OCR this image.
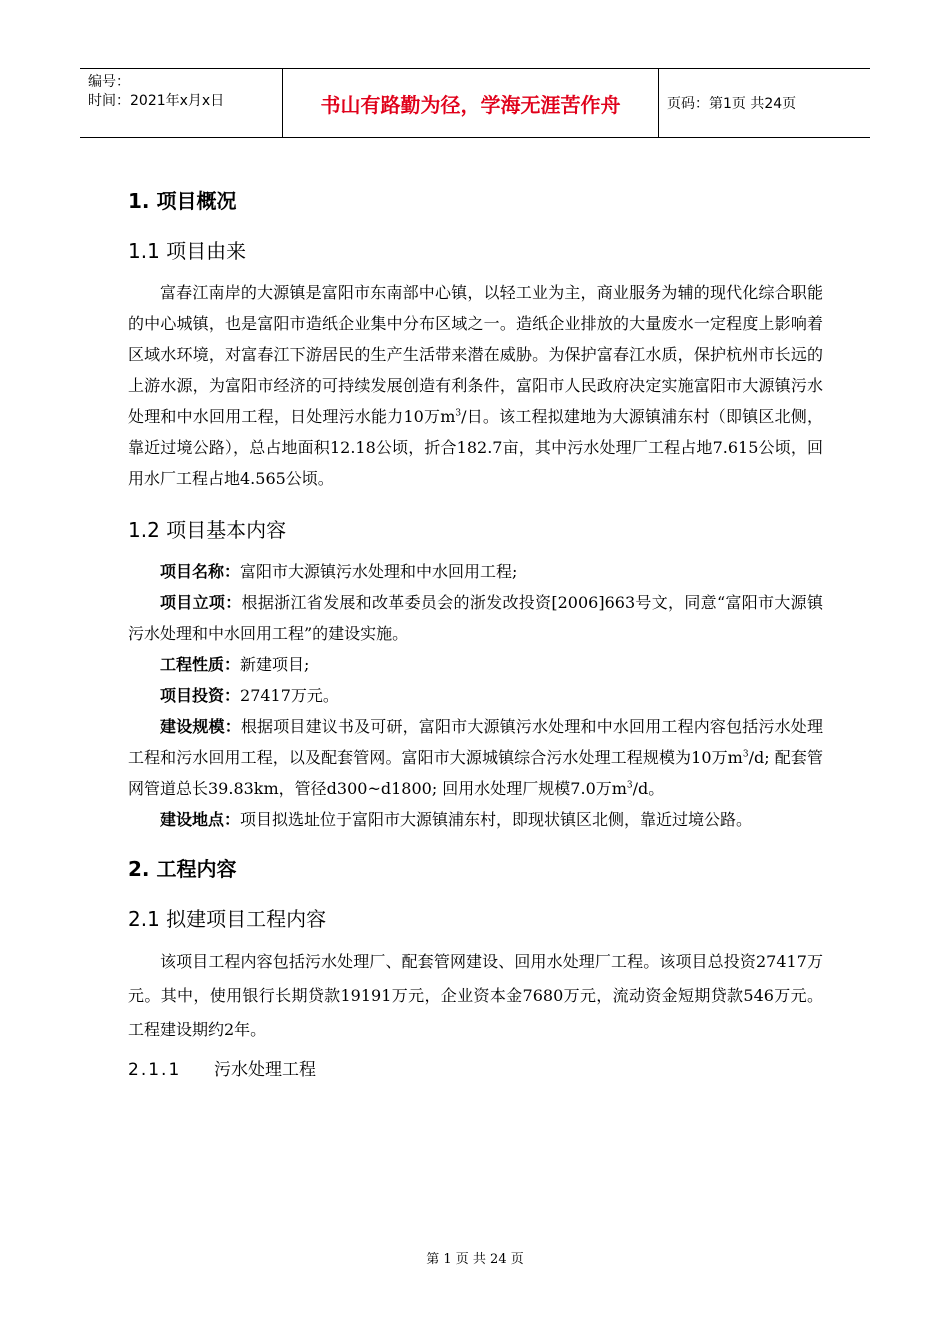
编号：
时间：2021年x月x日	书山有路勤为径，学海无涯苦作舟	页码：第1页 共24页
1. 项目概况
1.1 项目由来

富春江南岸的大源镇是富阳市东南部中心镇，以轻工业为主，商业服务为辅的现代化综合职能的中心城镇，也是富阳市造纸企业集中分布区域之一。造纸企业排放的大量废水一定程度上影响着区域水环境，对富春江下游居民的生产生活带来潜在威胁。为保护富春江水质，保护杭州市长远的上游水源，为富阳市经济的可持续发展创造有利条件，富阳市人民政府决定实施富阳市大源镇污水处理和中水回用工程，日处理污水能力10万$m^3/$日。该工程拟建地为大源镇浦东村（即镇区北侧，靠近过境公路），总占地面积12.18公顷，折合182.7亩，其中污水处理厂工程占地7.615公顷，回用水厂工程占地4.565公顷。

1.2 项目基本内容

项目名称：富阳市大源镇污水处理和中水回用工程;

项目立项：根据浙江省发展和改革委员会的浙发改投资[2006]663号文，同意“富阳市大源镇污水处理和中水回用工程”的建设实施。

工程性质：新建项目;

项目投资：27417万元。

建设规模：根据项目建议书及可研，富阳市大源镇污水处理和中水回用工程内容包括污水处理工程和污水回用工程，以及配套管网。富阳市大源城镇综合污水处理工程规模为10万$m^3/d$; 配套管网管道总长39.83km，管径d300~d1800; 回用水处理厂规模7.0万$m^3/d$。

建设地点：项目拟选址位于富阳市大源镇浦东村，即现状镇区北侧，靠近过境公路。

2. 工程内容
2.1 拟建项目工程内容

该项目工程内容包括污水处理厂、配套管网建设、回用水处理厂工程。该项目总投资27417万元。其中，使用银行长期贷款19191万元，企业资本金7680万元，流动资金短期贷款546万元。工程建设期约2年。

2.1.1 污水处理工程
第 1 页 共 24 页
